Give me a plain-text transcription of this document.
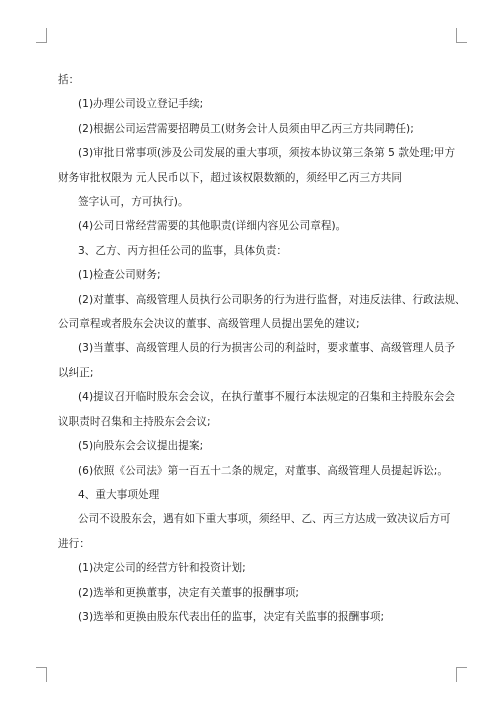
括：

(1)办理公司设立登记手续;

(2)根据公司运营需要招聘员工(财务会计人员须由甲乙丙三方共同聘任);

(3)审批日常事项(涉及公司发展的重大事项，须按本协议第三条第 5 款处理;甲方

财务审批权限为 元人民币以下，超过该权限数额的，须经甲乙丙三方共同

签字认可，方可执行)。

(4)公司日常经营需要的其他职责(详细内容见公司章程)。

3、乙方、丙方担任公司的监事，具体负责：

(1)检查公司财务;

(2)对董事、高级管理人员执行公司职务的行为进行监督，对违反法律、行政法规、

公司章程或者股东会决议的董事、高级管理人员提出罢免的建议;

(3)当董事、高级管理人员的行为损害公司的利益时，要求董事、高级管理人员予

以纠正;

(4)提议召开临时股东会会议，在执行董事不履行本法规定的召集和主持股东会会

议职责时召集和主持股东会会议;

(5)向股东会会议提出提案;

(6)依照《公司法》第一百五十二条的规定，对董事、高级管理人员提起诉讼;。

4、重大事项处理

公司不设股东会，遇有如下重大事项，须经甲、乙、丙三方达成一致决议后方可

进行：

(1)决定公司的经营方针和投资计划;

(2)选举和更换董事，决定有关董事的报酬事项;

(3)选举和更换由股东代表出任的监事，决定有关监事的报酬事项;
